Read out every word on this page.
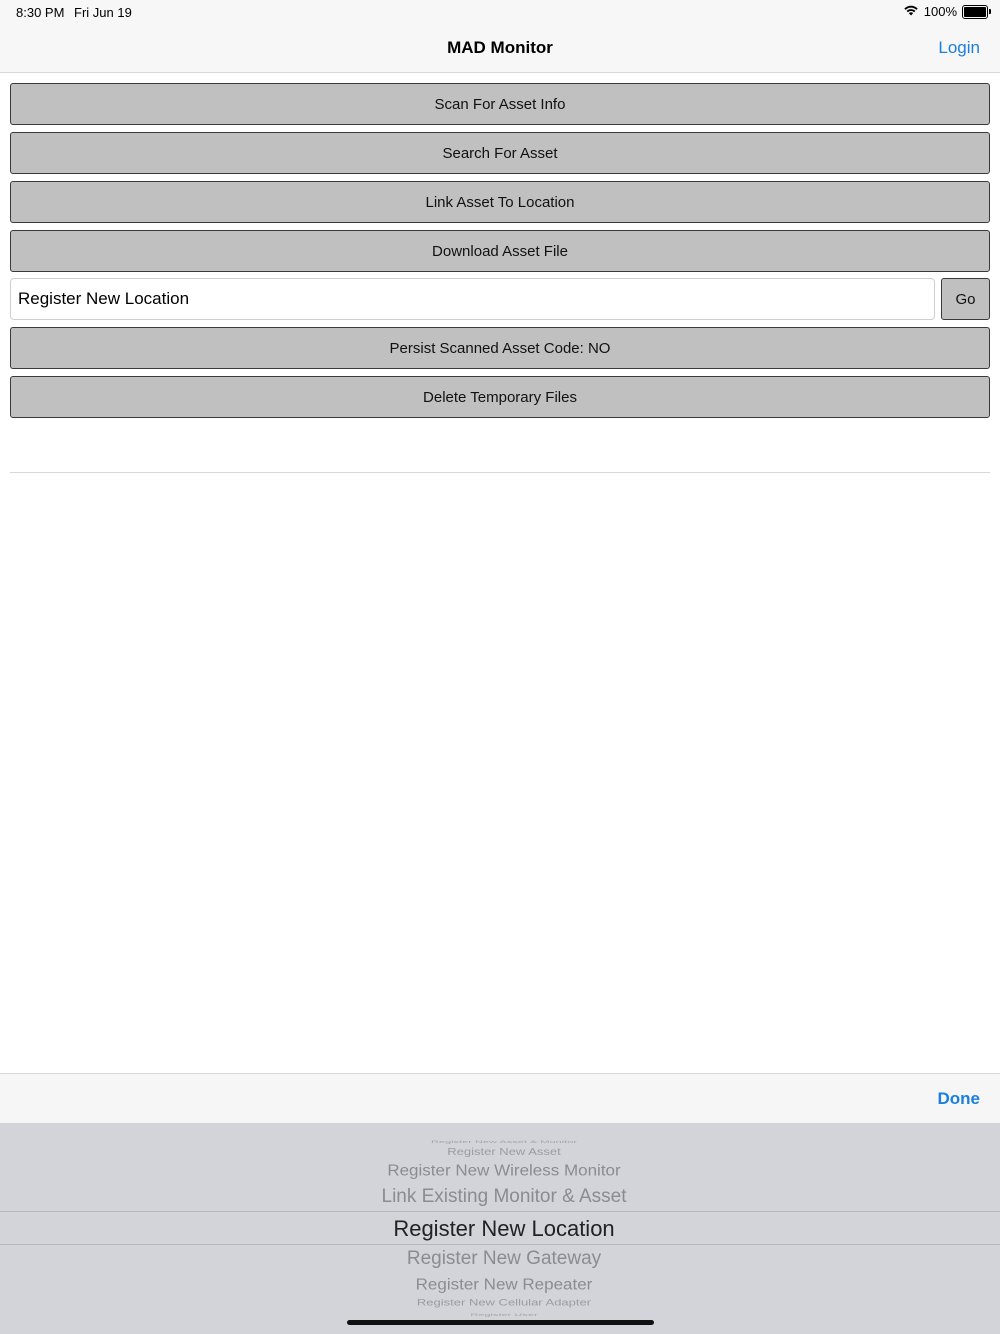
8:30 PM Fri Jun 19	100%
MAD Monitor	Login
Scan For Asset Info
Search For Asset
Link Asset To Location
Download Asset File
Register New Location	Go
Persist Scanned Asset Code: NO
Delete Temporary Files
Done
Register New Asset & Monitor
Register New Asset
Register New Wireless Monitor
Link Existing Monitor & Asset
Register New Location
Register New Gateway
Register New Repeater
Register New Cellular Adapter
Register User
